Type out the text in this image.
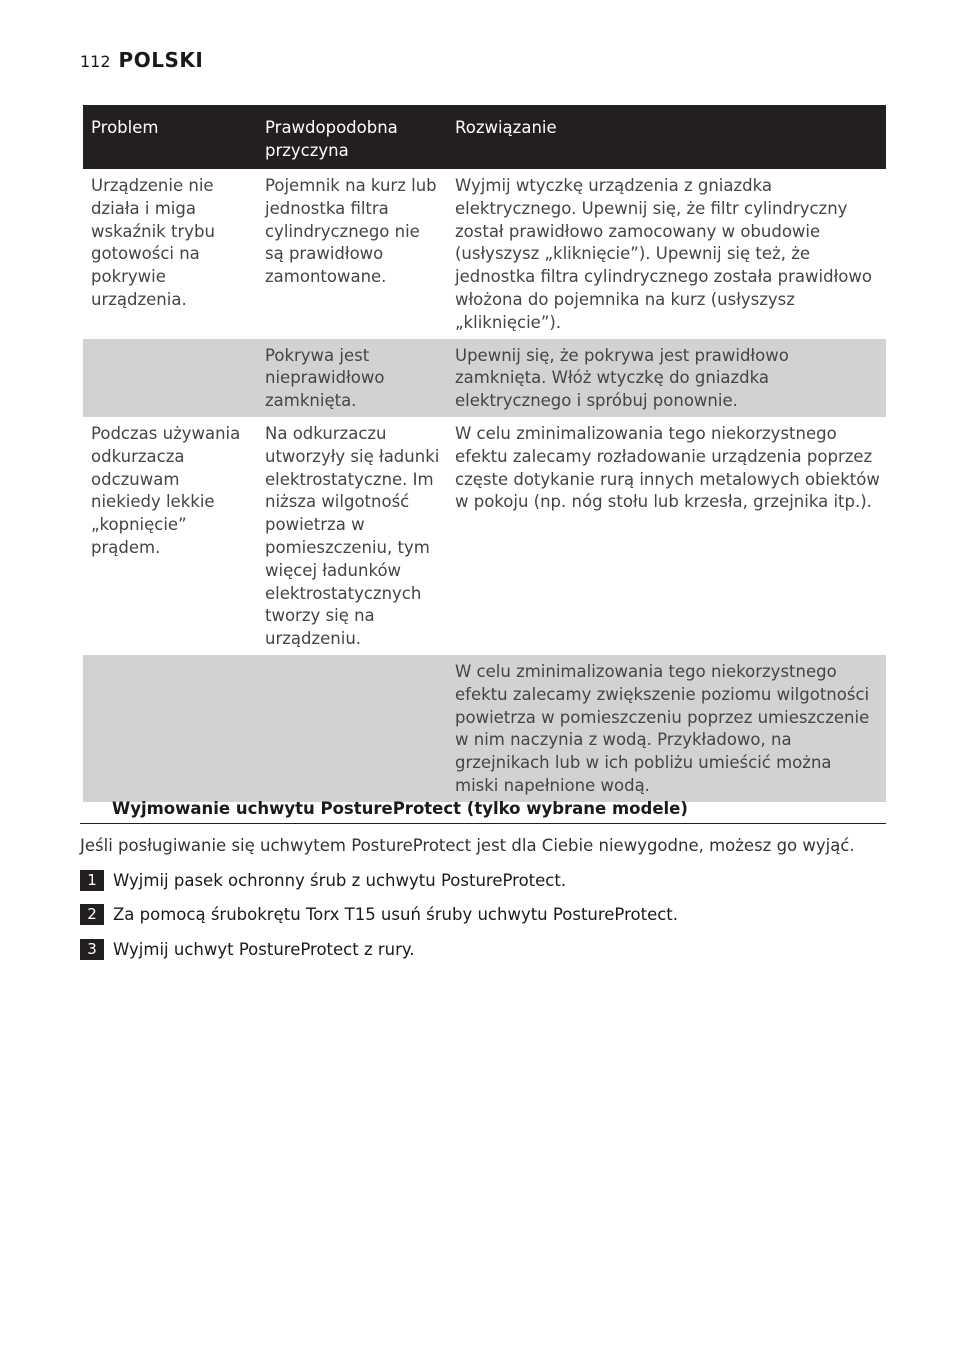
112 POLSKI
Problem	Prawdopodobna przyczyna	Rozwiązanie
Urządzenie nie działa i miga wskaźnik trybu gotowości na pokrywie urządzenia.	Pojemnik na kurz lub jednostka filtra cylindrycznego nie są prawidłowo zamontowane.	Wyjmij wtyczkę urządzenia z gniazdka elektrycznego. Upewnij się, że filtr cylindryczny został prawidłowo zamocowany w obudowie (usłyszysz „kliknięcie”). Upewnij się też, że jednostka filtra cylindrycznego została prawidłowo włożona do pojemnika na kurz (usłyszysz „kliknięcie”).
	Pokrywa jest nieprawidłowo zamknięta.	Upewnij się, że pokrywa jest prawidłowo zamknięta. Włóż wtyczkę do gniazdka elektrycznego i spróbuj ponownie.
Podczas używania odkurzacza odczuwam niekiedy lekkie „kopnięcie” prądem.	Na odkurzaczu utworzyły się ładunki elektrostatyczne. Im niższa wilgotność powietrza w pomieszczeniu, tym więcej ładunków elektrostatycznych tworzy się na urządzeniu.	W celu zminimalizowania tego niekorzystnego efektu zalecamy rozładowanie urządzenia poprzez częste dotykanie rurą innych metalowych obiektów w pokoju (np. nóg stołu lub krzesła, grzejnika itp.).
		W celu zminimalizowania tego niekorzystnego efektu zalecamy zwiększenie poziomu wilgotności powietrza w pomieszczeniu poprzez umieszczenie w nim naczynia z wodą. Przykładowo, na grzejnikach lub w ich pobliżu umieścić można miski napełnione wodą.
Wyjmowanie uchwytu PostureProtect (tylko wybrane modele)
Jeśli posługiwanie się uchwytem PostureProtect jest dla Ciebie niewygodne, możesz go wyjąć.
1 Wyjmij pasek ochronny śrub z uchwytu PostureProtect.
2 Za pomocą śrubokrętu Torx T15 usuń śruby uchwytu PostureProtect.
3 Wyjmij uchwyt PostureProtect z rury.
